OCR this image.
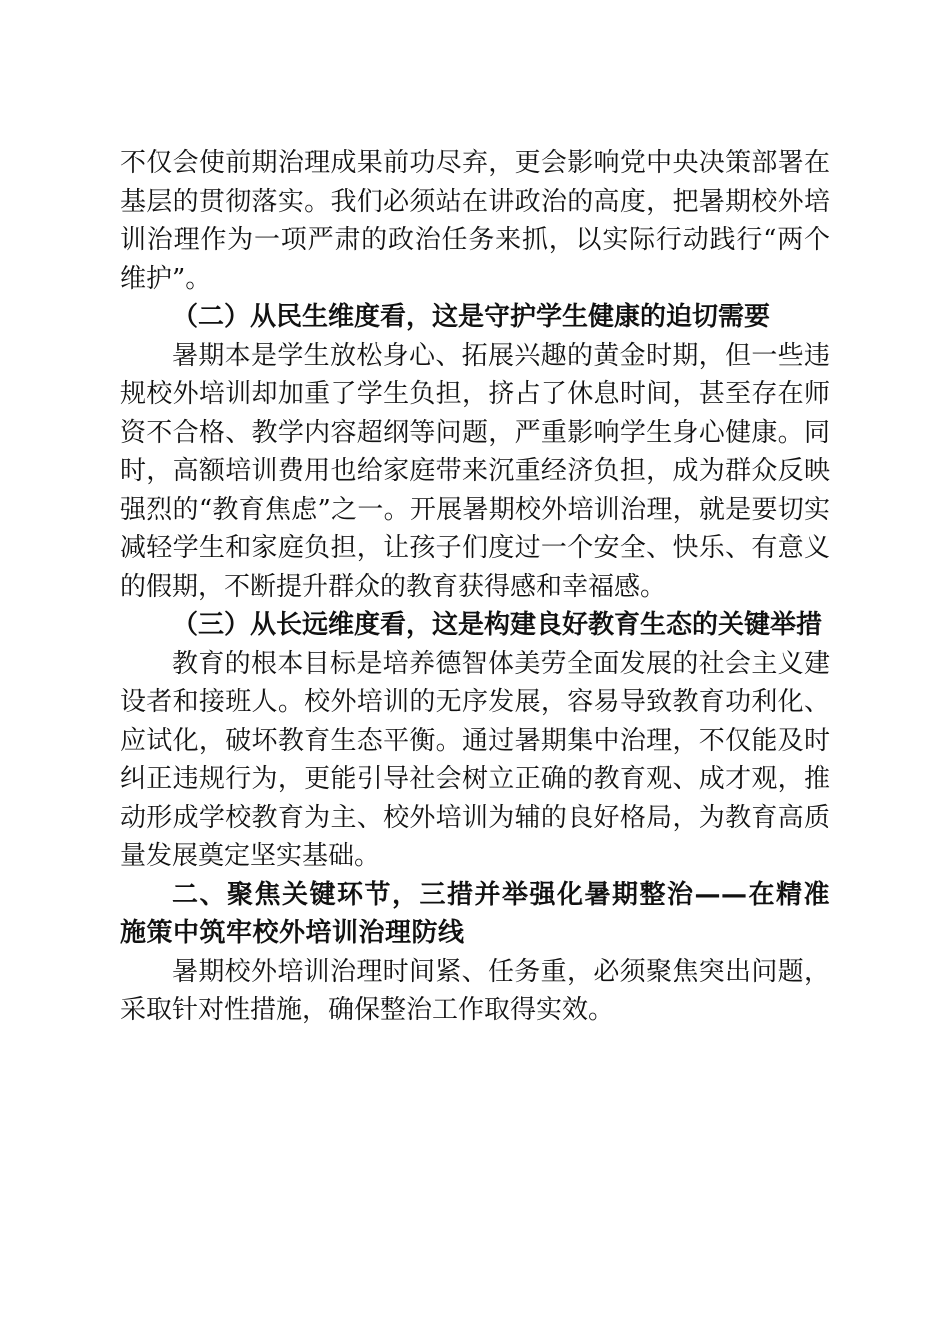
不仅会使前期治理成果前功尽弃，更会影响党中央决策部署在基层的贯彻落实。我们必须站在讲政治的高度，把暑期校外培训治理作为一项严肃的政治任务来抓，以实际行动践行“两个维护”。

（二）从民生维度看，这是守护学生健康的迫切需要

暑期本是学生放松身心、拓展兴趣的黄金时期，但一些违规校外培训却加重了学生负担，挤占了休息时间，甚至存在师资不合格、教学内容超纲等问题，严重影响学生身心健康。同时，高额培训费用也给家庭带来沉重经济负担，成为群众反映强烈的“教育焦虑”之一。开展暑期校外培训治理，就是要切实减轻学生和家庭负担，让孩子们度过一个安全、快乐、有意义的假期，不断提升群众的教育获得感和幸福感。

（三）从长远维度看，这是构建良好教育生态的关键举措

教育的根本目标是培养德智体美劳全面发展的社会主义建设者和接班人。校外培训的无序发展，容易导致教育功利化、应试化，破坏教育生态平衡。通过暑期集中治理，不仅能及时纠正违规行为，更能引导社会树立正确的教育观、成才观，推动形成学校教育为主、校外培训为辅的良好格局，为教育高质量发展奠定坚实基础。

二、聚焦关键环节，三措并举强化暑期整治——在精准施策中筑牢校外培训治理防线

暑期校外培训治理时间紧、任务重，必须聚焦突出问题，采取针对性措施，确保整治工作取得实效。
